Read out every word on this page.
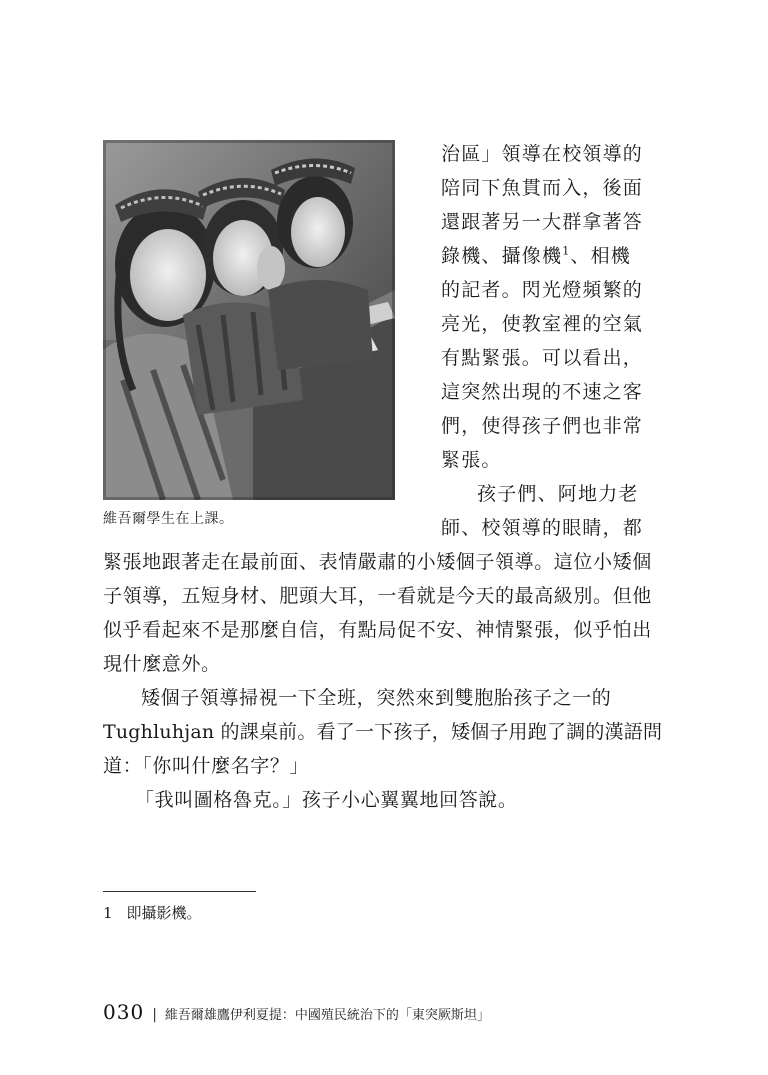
維吾爾學生在上課。
治區」領導在校領導的
陪同下魚貫而入，後面
還跟著另一大群拿著答
錄機、攝像機$^1$、相機
的記者。閃光燈頻繁的
亮光，使教室裡的空氣
有點緊張。可以看出，
這突然出現的不速之客
們，使得孩子們也非常
緊張。
孩子們、阿地力老
師、校領導的眼睛，都
緊張地跟著走在最前面、表情嚴肅的小矮個子領導。這位小矮個
子領導，五短身材、肥頭大耳，一看就是今天的最高級別。但他
似乎看起來不是那麼自信，有點局促不安、神情緊張，似乎怕出
現什麼意外。
矮個子領導掃視一下全班，突然來到雙胞胎孩子之一的
Tughluhjan 的課桌前。看了一下孩子，矮個子用跑了調的漢語問
道：「你叫什麼名字？」
「我叫圖格魯克。」孩子小心翼翼地回答說。
1 即攝影機。
030 | 維吾爾雄鷹伊利夏提：中國殖民統治下的「東突厥斯坦」
